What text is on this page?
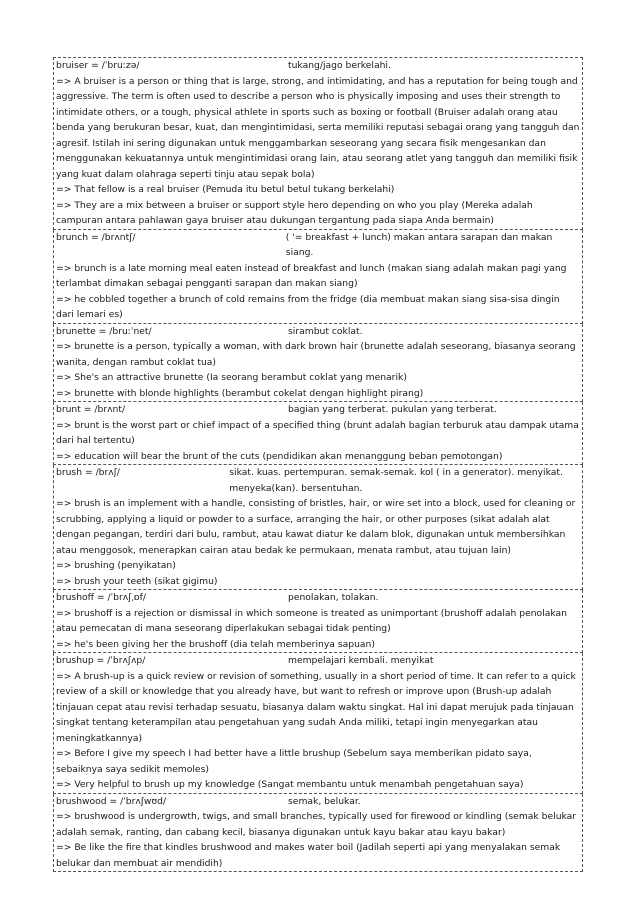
bruiser = /ˈbruːzə/	tukang/jago berkelahi.
=> A bruiser is a person or thing that is large, strong, and intimidating, and has a reputation for being tough and aggressive. The term is often used to describe a person who is physically imposing and uses their strength to intimidate others, or a tough, physical athlete in sports such as boxing or football (Bruiser adalah orang atau benda yang berukuran besar, kuat, dan mengintimidasi, serta memiliki reputasi sebagai orang yang tangguh dan agresif. Istilah ini sering digunakan untuk menggambarkan seseorang yang secara fisik mengesankan dan menggunakan kekuatannya untuk mengintimidasi orang lain, atau seorang atlet yang tangguh dan memiliki fisik yang kuat dalam olahraga seperti tinju atau sepak bola)
=> That fellow is a real bruiser (Pemuda itu betul betul tukang berkelahi)
=> They are a mix between a bruiser or support style hero depending on who you play (Mereka adalah campuran antara pahlawan gaya bruiser atau dukungan tergantung pada siapa Anda bermain)
brunch = /brʌntʃ/	( '= breakfast + lunch) makan antara sarapan dan makan siang.
=> brunch is a late morning meal eaten instead of breakfast and lunch (makan siang adalah makan pagi yang terlambat dimakan sebagai pengganti sarapan dan makan siang)
=> he cobbled together a brunch of cold remains from the fridge (dia membuat makan siang sisa-sisa dingin dari lemari es)
brunette = /bruːˈnet/	sirambut coklat.
=> brunette is a person, typically a woman, with dark brown hair (brunette adalah seseorang, biasanya seorang wanita, dengan rambut coklat tua)
=> She's an attractive brunette (Ia seorang berambut coklat yang menarik)
=> brunette with blonde highlights (berambut cokelat dengan highlight pirang)
brunt = /brʌnt/	bagian yang terberat. pukulan yang terberat.
=> brunt is the worst part or chief impact of a specified thing (brunt adalah bagian terburuk atau dampak utama dari hal tertentu)
=> education will bear the brunt of the cuts (pendidikan akan menanggung beban pemotongan)
brush = /brʌʃ/	sikat. kuas. pertempuran. semak-semak. kol ( in a generator). menyikat. menyeka(kan). bersentuhan.
=> brush is an implement with a handle, consisting of bristles, hair, or wire set into a block, used for cleaning or scrubbing, applying a liquid or powder to a surface, arranging the hair, or other purposes (sikat adalah alat dengan pegangan, terdiri dari bulu, rambut, atau kawat diatur ke dalam blok, digunakan untuk membersihkan atau menggosok, menerapkan cairan atau bedak ke permukaan, menata rambut, atau tujuan lain)
=> brushing (penyikatan)
=> brush your teeth (sikat gigimu)
brushoff = /ˈbrʌʃˌɒf/	penolakan, tolakan.
=> brushoff is a rejection or dismissal in which someone is treated as unimportant (brushoff adalah penolakan atau pemecatan di mana seseorang diperlakukan sebagai tidak penting)
=> he's been giving her the brushoff (dia telah memberinya sapuan)
brushup = /ˈbrʌʃʌp/	mempelajari kembali. menyikat
=> A brush-up is a quick review or revision of something, usually in a short period of time. It can refer to a quick review of a skill or knowledge that you already have, but want to refresh or improve upon (Brush-up adalah tinjauan cepat atau revisi terhadap sesuatu, biasanya dalam waktu singkat. Hal ini dapat merujuk pada tinjauan singkat tentang keterampilan atau pengetahuan yang sudah Anda miliki, tetapi ingin menyegarkan atau meningkatkannya)
=> Before I give my speech I had better have a little brushup (Sebelum saya memberikan pidato saya, sebaiknya saya sedikit memoles)
=> Very helpful to brush up my knowledge (Sangat membantu untuk menambah pengetahuan saya)
brushwood = /ˈbrʌʃwʊd/	semak, belukar.
=> brushwood is undergrowth, twigs, and small branches, typically used for firewood or kindling (semak belukar adalah semak, ranting, dan cabang kecil, biasanya digunakan untuk kayu bakar atau kayu bakar)
=> Be like the fire that kindles brushwood and makes water boil (Jadilah seperti api yang menyalakan semak belukar dan membuat air mendidih)
